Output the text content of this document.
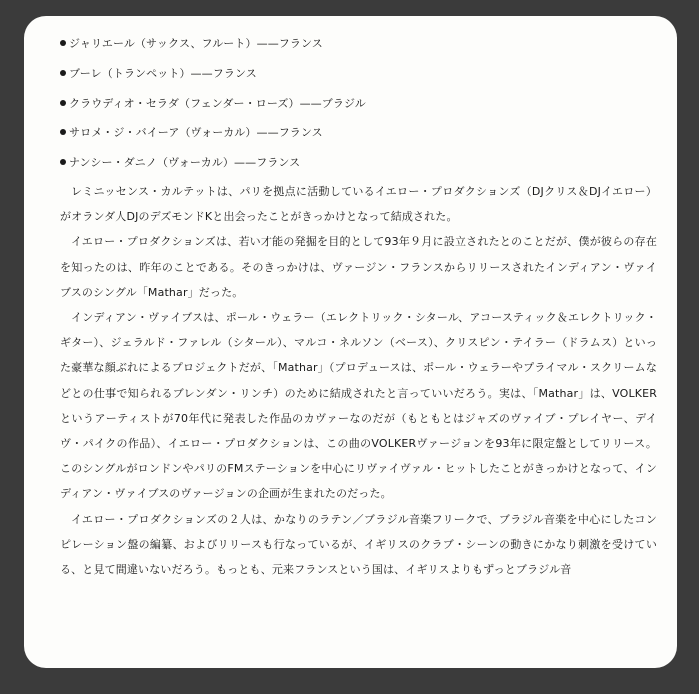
ジャリエール（サックス、フルート）——フランス
ブーレ（トランペット）——フランス
クラウディオ・セラダ（フェンダー・ローズ）——ブラジル
サロメ・ジ・バイーア（ヴォーカル）——フランス
ナンシー・ダニノ（ヴォーカル）——フランス

レミニッセンス・カルテットは、パリを拠点に活動しているイエロー・プロダクションズ（DJクリス＆DJイエロー）がオランダ人DJのデズモンドKと出会ったことがきっかけとなって結成された。

イエロー・プロダクションズは、若い才能の発掘を目的として93年９月に設立されたとのことだが、僕が彼らの存在を知ったのは、昨年のことである。そのきっかけは、ヴァージン・フランスからリリースされたインディアン・ヴァイブスのシングル「Mathar」だった。

インディアン・ヴァイブスは、ポール・ウェラー（エレクトリック・シタール、アコースティック＆エレクトリック・ギター）、ジェラルド・ファレル（シタール）、マルコ・ネルソン（ベース）、クリスピン・テイラー（ドラムス）といった豪華な顔ぶれによるプロジェクトだが、「Mathar」（プロデュースは、ポール・ウェラーやプライマル・スクリームなどとの仕事で知られるブレンダン・リンチ）のために結成されたと言っていいだろう。実は、「Mathar」は、VOLKERというアーティストが70年代に発表した作品のカヴァーなのだが（もともとはジャズのヴァイブ・プレイヤー、デイヴ・パイクの作品）、イエロー・プロダクションは、この曲のVOLKERヴァージョンを93年に限定盤としてリリース。このシングルがロンドンやパリのFMステーションを中心にリヴァイヴァル・ヒットしたことがきっかけとなって、インディアン・ヴァイブスのヴァージョンの企画が生まれたのだった。

イエロー・プロダクションズの２人は、かなりのラテン／ブラジル音楽フリークで、ブラジル音楽を中心にしたコンピレーション盤の編纂、およびリリースも行なっているが、イギリスのクラブ・シーンの動きにかなり刺激を受けている、と見て間違いないだろう。もっとも、元来フランスという国は、イギリスよりもずっとブラジル音
